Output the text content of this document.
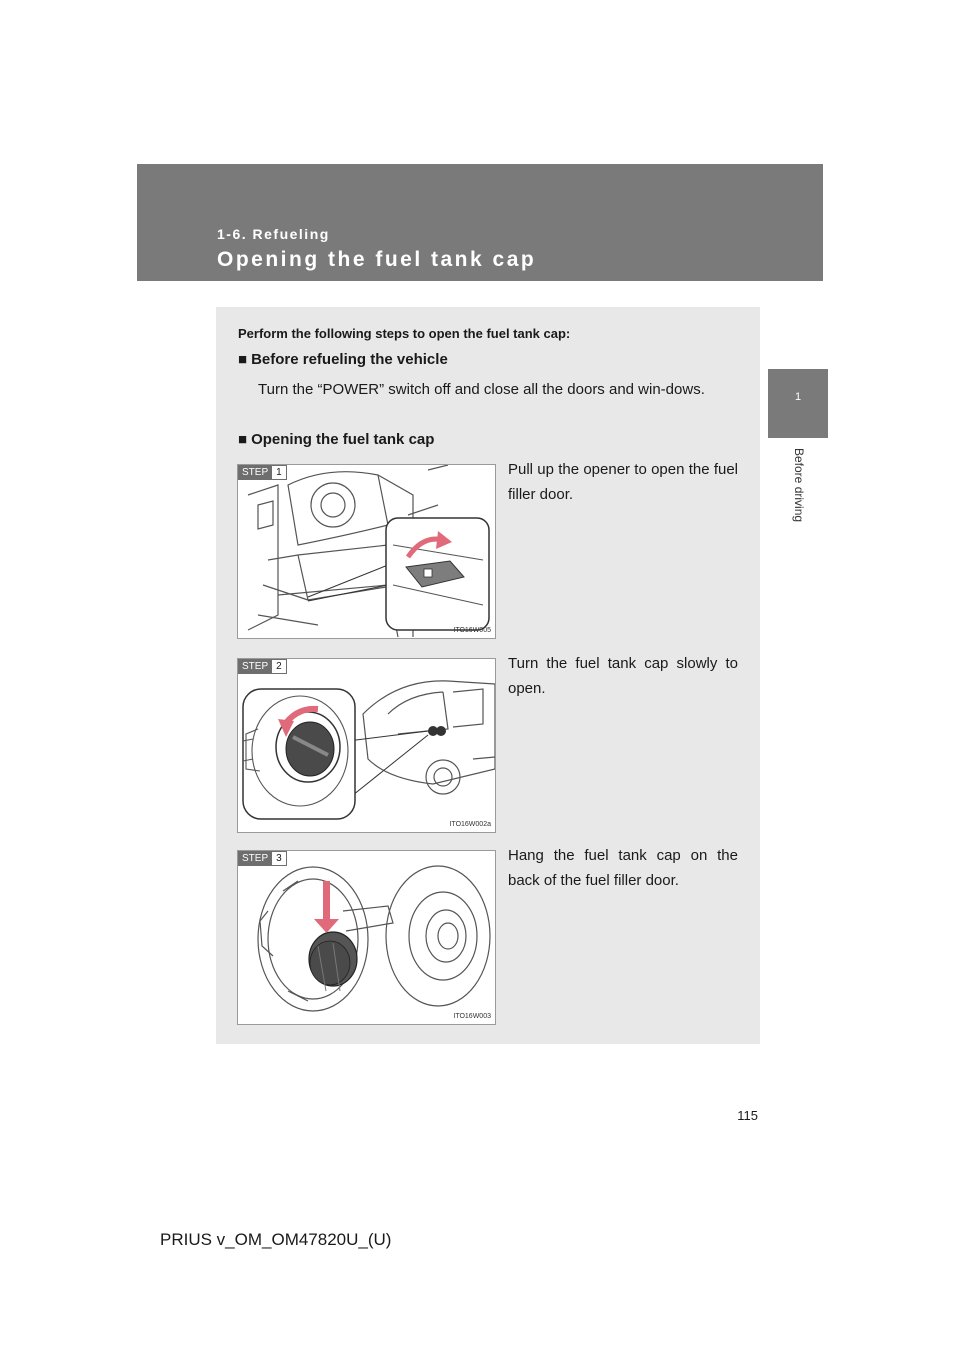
1-6. Refueling
Opening the fuel tank cap
1
Before driving
Perform the following steps to open the fuel tank cap:
■ Before refueling the vehicle
Turn the “POWER” switch off and close all the doors and win-dows.
■ Opening the fuel tank cap
STEP 1
ITO16W005
Pull up the opener to open the fuel filler door.
STEP 2
ITO16W002a
Turn the fuel tank cap slowly to open.
STEP 3
ITO16W003
Hang the fuel tank cap on the back of the fuel filler door.
115
PRIUS v_OM_OM47820U_(U)
